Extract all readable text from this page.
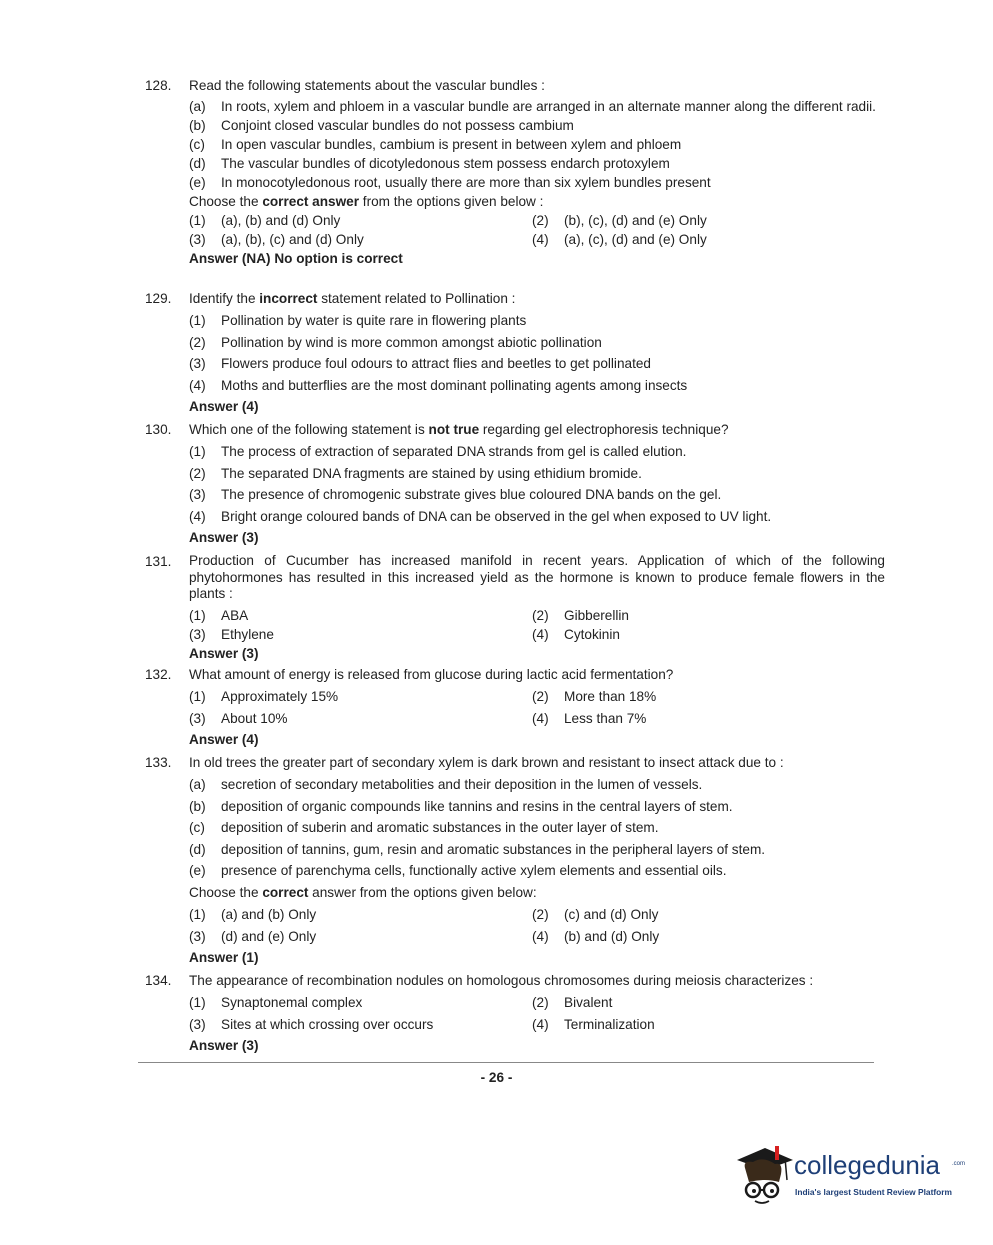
128.	Read the following statements about the vascular bundles :
(a)	In roots, xylem and phloem in a vascular bundle are arranged in an alternate manner along the different radii.
(b)	Conjoint closed vascular bundles do not possess cambium
(c)	In open vascular bundles, cambium is present in between xylem and phloem
(d)	The vascular bundles of dicotyledonous stem possess endarch protoxylem
(e)	In monocotyledonous root, usually there are more than six xylem bundles present
Choose the correct answer from the options given below :
(1)	(a), (b) and (d) Only	(2)	(b), (c), (d) and (e) Only
(3)	(a), (b), (c) and (d) Only	(4)	(a), (c), (d) and (e) Only
Answer (NA) No option is correct
129.	Identify the incorrect statement related to Pollination :
(1)	Pollination by water is quite rare in flowering plants
(2)	Pollination by wind is more common amongst abiotic pollination
(3)	Flowers produce foul odours to attract flies and beetles to get pollinated
(4)	Moths and butterflies are the most dominant pollinating agents among insects
Answer (4)
130.	Which one of the following statement is not true regarding gel electrophoresis technique?
(1)	The process of extraction of separated DNA strands from gel is called elution.
(2)	The separated DNA fragments are stained by using ethidium bromide.
(3)	The presence of chromogenic substrate gives blue coloured DNA bands on the gel.
(4)	Bright orange coloured bands of DNA can be observed in the gel when exposed to UV light.
Answer (3)
131.	Production of Cucumber has increased manifold in recent years. Application of which of the following phytohormones has resulted in this increased yield as the hormone is known to produce female flowers in the plants :
(1)	ABA	(2)	Gibberellin
(3)	Ethylene	(4)	Cytokinin
Answer (3)
132.	What amount of energy is released from glucose during lactic acid fermentation?
(1)	Approximately 15%	(2)	More than 18%
(3)	About 10%	(4)	Less than 7%
Answer (4)
133.	In old trees the greater part of secondary xylem is dark brown and resistant to insect attack due to :
(a)	secretion of secondary metabolities and their deposition in the lumen of vessels.
(b)	deposition of organic compounds like tannins and resins in the central layers of stem.
(c)	deposition of suberin and aromatic substances in the outer layer of stem.
(d)	deposition of tannins, gum, resin and aromatic substances in the peripheral layers of stem.
(e)	presence of parenchyma cells, functionally active xylem elements and essential oils.
Choose the correct answer from the options given below:
(1)	(a) and (b) Only	(2)	(c) and (d) Only
(3)	(d) and (e) Only	(4)	(b) and (d) Only
Answer (1)
134.	The appearance of recombination nodules on homologous chromosomes during meiosis characterizes :
(1)	Synaptonemal complex	(2)	Bivalent
(3)	Sites at which crossing over occurs	(4)	Terminalization
Answer (3)
- 26 -
collegedunia .com
India's largest Student Review Platform
